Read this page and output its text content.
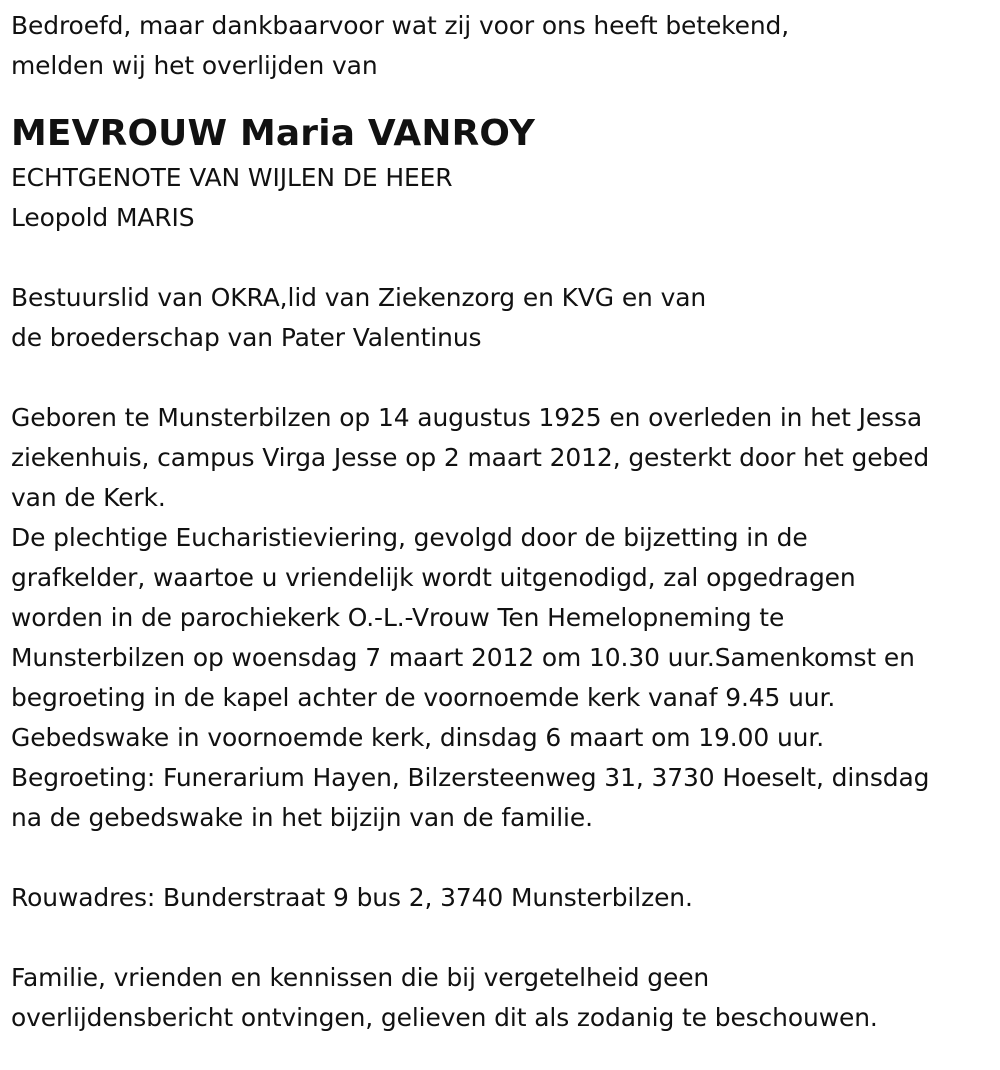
Bedroefd, maar dankbaarvoor wat zij voor ons heeft betekend,
melden wij het overlijden van
MEVROUW Maria VANROY
ECHTGENOTE VAN WIJLEN DE HEER
Leopold MARIS
Bestuurslid van OKRA,lid van Ziekenzorg en KVG en van
de broederschap van Pater Valentinus
Geboren te Munsterbilzen op 14 augustus 1925 en overleden in het Jessa
ziekenhuis, campus Virga Jesse op 2 maart 2012, gesterkt door het gebed
van de Kerk.
De plechtige Eucharistieviering, gevolgd door de bijzetting in de
grafkelder, waartoe u vriendelijk wordt uitgenodigd, zal opgedragen
worden in de parochiekerk O.-L.-Vrouw Ten Hemelopneming te
Munsterbilzen op woensdag 7 maart 2012 om 10.30 uur.Samenkomst en
begroeting in de kapel achter de voornoemde kerk vanaf 9.45 uur.
Gebedswake in voornoemde kerk, dinsdag 6 maart om 19.00 uur.
Begroeting: Funerarium Hayen, Bilzersteenweg 31, 3730 Hoeselt, dinsdag
na de gebedswake in het bijzijn van de familie.
Rouwadres: Bunderstraat 9 bus 2, 3740 Munsterbilzen.
Familie, vrienden en kennissen die bij vergetelheid geen
overlijdensbericht ontvingen, gelieven dit als zodanig te beschouwen.
